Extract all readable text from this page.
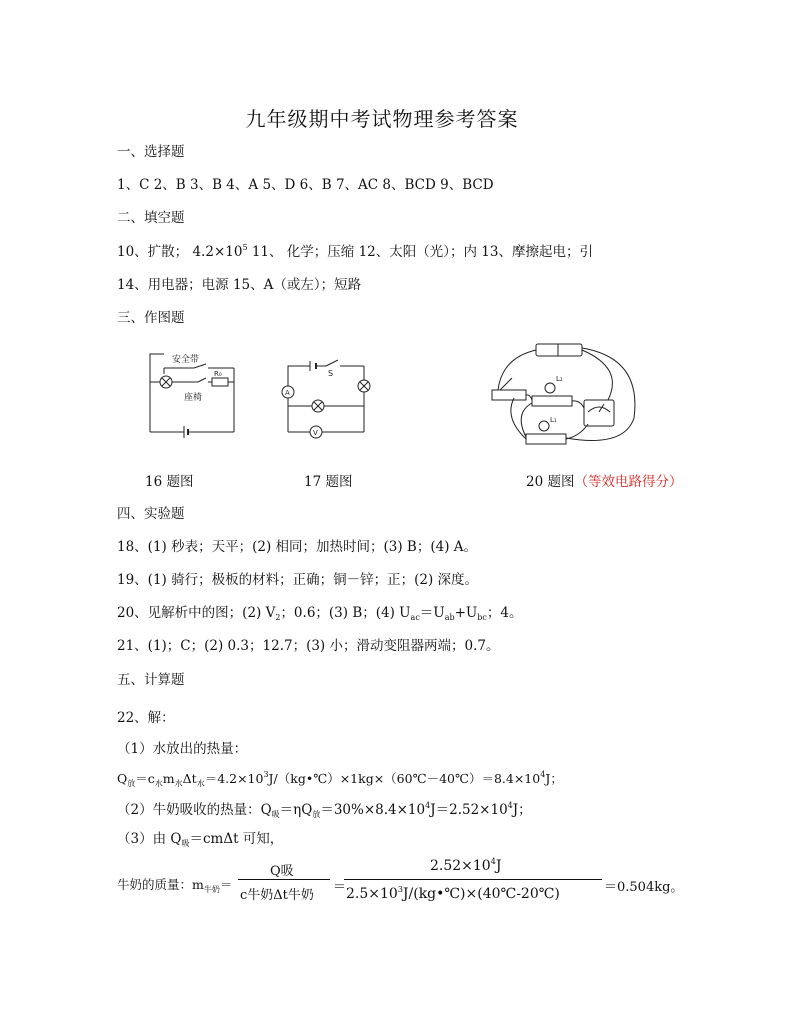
九年级期中考试物理参考答案
一、选择题
1、C 2、B 3、B 4、A 5、D 6、B 7、AC 8、BCD 9、BCD
二、填空题
10、扩散； $4.2\times 10^5$ 11、 化学；压缩 12、太阳（光）；内 13、摩擦起电；引
14、用电器；电源 15、A（或左）；短路
三、作图题
安全带
座椅
R₀
A
V
S
L₂
L₁
16 题图	17 题图	20 题图（等效电路得分）
四、实验题
18、(1) 秒表；天平；(2) 相同；加热时间；(3) B；(4) A。
19、(1) 骑行；极板的材料；正确；铜－锌；正；(2) 深度。
20、见解析中的图；(2) $V_2$；0.6；(3) B；(4) $U_{ac}=U_{ab}+U_{bc}$；4。
21、(1)；C；(2) 0.3；12.7；(3) 小；滑动变阻器两端；0.7。
五、计算题
22、解：
（1）水放出的热量：
$Q_放=c_水m_水\Delta t_水=4.2\times 10^3J/(kg•℃)\times 1kg\times(60℃-40℃)=8.4\times 10^4J$；
（2）牛奶吸收的热量：$Q_吸=\eta Q_放=30\%\times 8.4\times 10^4J=2.52\times 10^4J$；
（3）由 $Q_吸=cm\Delta t$ 可知，
牛奶的质量：$m_{牛奶}=$
Q吸
c牛奶Δt牛奶
＝
$2.52\times 10^4J$
$2.5\times 10^3J/(kg•℃)\times(40℃-20℃)$	＝0.504kg。
